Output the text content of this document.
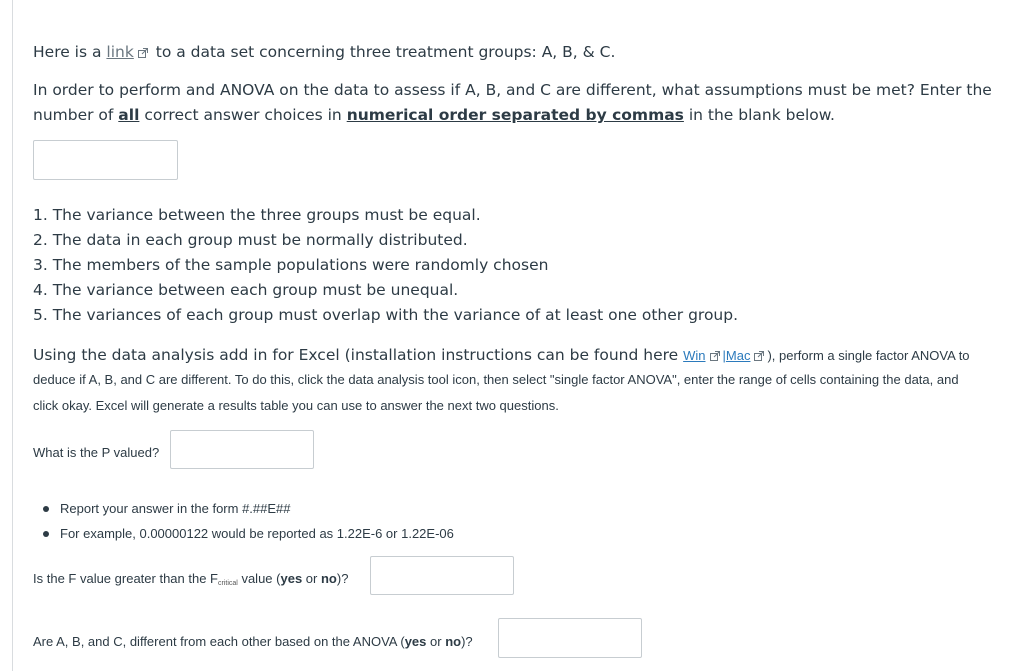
Here is a link
to a data set concerning three treatment groups: A, B, & C.

In order to perform and ANOVA on the data to assess if A, B, and C are different, what assumptions must be met? Enter the number of all correct answer choices in numerical order separated by commas in the blank below.

1. The variance between the three groups must be equal.
2. The data in each group must be normally distributed.
3. The members of the sample populations were randomly chosen
4. The variance between each group must be unequal.
5. The variances of each group must overlap with the variance of at least one other group.

Using the data analysis add in for Excel (installation instructions can be found here Win |Mac ), perform a single factor ANOVA to

deduce if A, B, and C are different. To do this, click the data analysis tool icon, then select "single factor ANOVA", enter the range of cells containing the data, and

click okay. Excel will generate a results table you can use to answer the next two questions.

What is the P valued?

Report your answer in the form #.##E##
For example, 0.00000122 would be reported as 1.22E-6 or 1.22E-06

Is the F value greater than the $F_{critical}$ value (yes or no)?

Are A, B, and C, different from each other based on the ANOVA (yes or no)?
